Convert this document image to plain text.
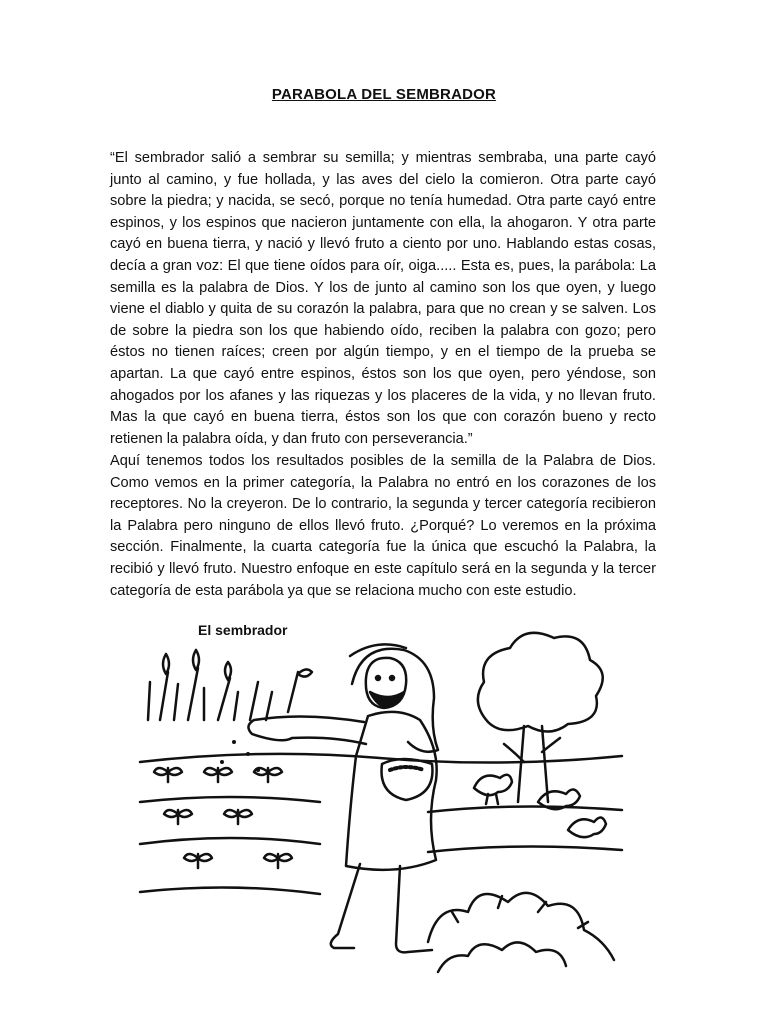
PARABOLA DEL SEMBRADOR

“El sembrador salió a sembrar su semilla; y mientras sembraba, una parte cayó junto al camino, y fue hollada, y las aves del cielo la comieron. Otra parte cayó sobre la piedra; y nacida, se secó, porque no tenía humedad. Otra parte cayó entre espinos, y los espinos que nacieron juntamente con ella, la ahogaron. Y otra parte cayó en buena tierra, y nació y llevó fruto a ciento por uno. Hablando estas cosas, decía a gran voz: El que tiene oídos para oír, oiga..... Esta es, pues, la parábola: La semilla es la palabra de Dios. Y los de junto al camino son los que oyen, y luego viene el diablo y quita de su corazón la palabra, para que no crean y se salven. Los de sobre la piedra son los que habiendo oído, reciben la palabra con gozo; pero éstos no tienen raíces; creen por algún tiempo, y en el tiempo de la prueba se apartan. La que cayó entre espinos, éstos son los que oyen, pero yéndose, son ahogados por los afanes y las riquezas y los placeres de la vida, y no llevan fruto. Mas la que cayó en buena tierra, éstos son los que con corazón bueno y recto retienen la palabra oída, y dan fruto con perseverancia.”

Aquí tenemos todos los resultados posibles de la semilla de la Palabra de Dios. Como vemos en la primer categoría, la Palabra no entró en los corazones de los receptores. No la creyeron. De lo contrario, la segunda y tercer categoría recibieron la Palabra pero ninguno de ellos llevó fruto. ¿Porqué? Lo veremos en la próxima sección. Finalmente, la cuarta categoría fue la única que escuchó la Palabra, la recibió y llevó fruto. Nuestro enfoque en este capítulo será en la segunda y la tercer categoría de esta parábola ya que se relaciona mucho con este estudio.

El sembrador
